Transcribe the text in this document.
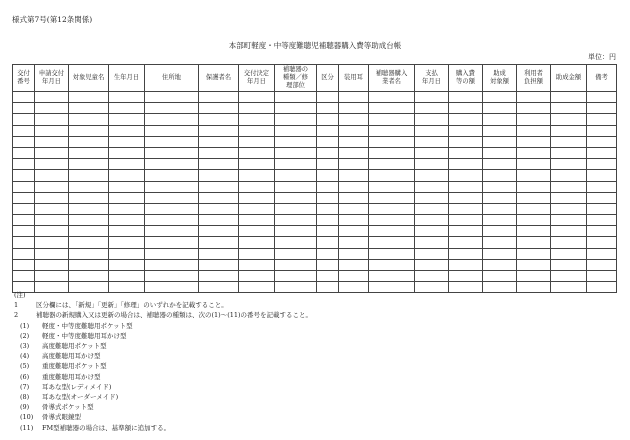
様式第7号(第12条関係)
本部町軽度・中等度難聴児補聴器購入費等助成台帳
単位：円
交付
番号	申請交付
年月日	対象児童名	生年月日	住所地	保護者名	交付決定
年月日	補聴器の
種類／修
理部位	区分	装用耳	補聴器購入
業者名	支払
年月日	購入費
等の額	助成
対象額	利用者
負担額	助成金額	備考

(注)
1	区分欄には、「新規」「更新」「修理」のいずれかを記載すること。
2	補聴器の新規購入又は更新の場合は、補聴器の種類は、次の(1)～(11)の番号を記載すること。
(1) 軽度・中等度難聴用ポケット型
(2) 軽度・中等度難聴用耳かけ型
(3) 高度難聴用ポケット型
(4) 高度難聴用耳かけ型
(5) 重度難聴用ポケット型
(6) 重度難聴用耳かけ型
(7) 耳あな型(レディメイド)
(8) 耳あな型(オーダーメイド)
(9) 骨導式ポケット型
(10) 骨導式眼鏡型
(11) FM型補聴器の場合は、基準額に追加する。
